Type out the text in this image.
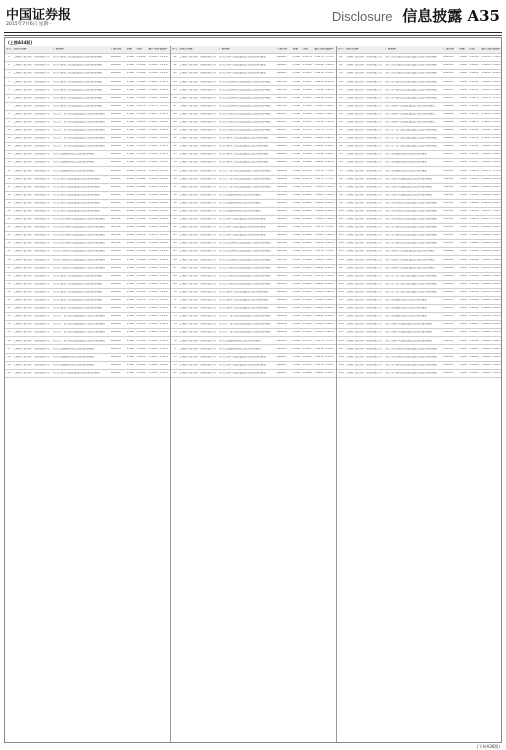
中国证券报
2015年7月6日 星期一
Disclosure 信息披露 A35
(上接A34版)
序号 管理人名称	产品名称	产品代码	份额	净值	累计净值 收益率
1	上海东方证券资产管理有限公司	东方红新动力灵活配置混合型证券投资基金	000480	1.000 1.0210	1.0210 2.10%
2	上海东方证券资产管理有限公司	东方红新动力灵活配置混合型证券投资基金	000480	1.000 1.0520	1.0520 5.20%
3	上海东方证券资产管理有限公司	东方红新动力灵活配置混合型证券投资基金	000480	1.000 1.0310	1.0310 3.10%
4	上海东方证券资产管理有限公司	东方红新动力灵活配置混合型证券投资基金	000480	1.000 1.0080	1.0080 0.80%
5	上海东方证券资产管理有限公司	东方红新动力灵活配置混合型证券投资基金	000480	1.000 1.0460	1.0460 4.60%
6	上海东方证券资产管理有限公司	东方红新动力灵活配置混合型证券投资基金	000480	1.000 1.0190	1.0190 1.90%
7	上海东方证券资产管理有限公司	东方红新动力灵活配置混合型证券投资基金	000480	1.000 1.0370	1.0370 3.70%
8	上海东方证券资产管理有限公司	东方红产业升级灵活配置混合型证券投资基金	000619	1.000 1.0650	1.0650 6.50%
9	上海东方证券资产管理有限公司	东方红产业升级灵活配置混合型证券投资基金	000619	1.000 1.0420	1.0420 4.20%
10	上海东方证券资产管理有限公司	东方红产业升级灵活配置混合型证券投资基金	000619	1.000 1.0280	1.0280 2.80%
11	上海东方证券资产管理有限公司	东方红产业升级灵活配置混合型证券投资基金	000619	1.000 1.0540	1.0540 5.40%
12	上海东方证券资产管理有限公司	东方红产业升级灵活配置混合型证券投资基金	000619	1.000 1.0150	1.0150 1.50%
13	上海东方证券资产管理有限公司	东方红稳健精选混合型证券投资基金	001203	1.000 1.0330	1.0330 3.30%
14	上海东方证券资产管理有限公司	东方红稳健精选混合型证券投资基金	001203	1.000 1.0210	1.0210 2.10%
15	上海东方证券资产管理有限公司	东方红稳健精选混合型证券投资基金	001203	1.000 1.0470	1.0470 4.70%
16	上海东方证券资产管理有限公司	东方红睿丰灵活配置混合型证券投资基金	169101	1.000 1.0090	1.0090 0.90%
17	上海东方证券资产管理有限公司	东方红睿丰灵活配置混合型证券投资基金	169101	1.000 1.0620	1.0620 6.20%
18	上海东方证券资产管理有限公司	东方红睿丰灵活配置混合型证券投资基金	169101	1.000 1.0360	1.0360 3.60%
19	上海东方证券资产管理有限公司	东方红睿丰灵活配置混合型证券投资基金	169101	1.000 1.0240	1.0240 2.40%
20	上海东方证券资产管理有限公司	东方红睿丰灵活配置混合型证券投资基金	169101	1.000 1.0510	1.0510 5.10%
21	上海东方证券资产管理有限公司	东方红领先精选灵活配置混合型证券投资基金	001112	1.000 1.0180	1.0180 1.80%
22	上海东方证券资产管理有限公司	东方红领先精选灵活配置混合型证券投资基金	001112	1.000 1.0440	1.0440 4.40%
23	上海东方证券资产管理有限公司	东方红领先精选灵活配置混合型证券投资基金	001112	1.000 1.0270	1.0270 2.70%
24	上海东方证券资产管理有限公司	东方红领先精选灵活配置混合型证券投资基金	001112	1.000 1.0590	1.0590 5.90%
25	上海东方证券资产管理有限公司	东方红中国优势灵活配置混合型证券投资基金	001405	1.000 1.0120	1.0120 1.20%
26	上海东方证券资产管理有限公司	东方红中国优势灵活配置混合型证券投资基金	001405	1.000 1.0380	1.0380 3.80%
27	上海东方证券资产管理有限公司	东方红中国优势灵活配置混合型证券投资基金	001405	1.000 1.0260	1.0260 2.60%
28	上海东方证券资产管理有限公司	东方红新动力灵活配置混合型证券投资基金	000480	1.000 1.0490	1.0490 4.90%
29	上海东方证券资产管理有限公司	东方红新动力灵活配置混合型证券投资基金	000480	1.000 1.0160	1.0160 1.60%
30	上海东方证券资产管理有限公司	东方红新动力灵活配置混合型证券投资基金	000480	1.000 1.0320	1.0320 3.20%
31	上海东方证券资产管理有限公司	东方红新动力灵活配置混合型证券投资基金	000480	1.000 1.0570	1.0570 5.70%
32	上海东方证券资产管理有限公司	东方红新动力灵活配置混合型证券投资基金	000480	1.000 1.0230	1.0230 2.30%
33	上海东方证券资产管理有限公司	东方红产业升级灵活配置混合型证券投资基金	000619	1.000 1.0410	1.0410 4.10%
34	上海东方证券资产管理有限公司	东方红产业升级灵活配置混合型证券投资基金	000619	1.000 1.0130	1.0130 1.30%
35	上海东方证券资产管理有限公司	东方红产业升级灵活配置混合型证券投资基金	000619	1.000 1.0680	1.0680 6.80%
36	上海东方证券资产管理有限公司	东方红产业升级灵活配置混合型证券投资基金	000619	1.000 1.0350	1.0350 3.50%
37	上海东方证券资产管理有限公司	东方红稳健精选混合型证券投资基金	001203	1.000 1.0200	1.0200 2.00%
38	上海东方证券资产管理有限公司	东方红稳健精选混合型证券投资基金	001203	1.000 1.0450	1.0450 4.50%
39	上海东方证券资产管理有限公司	东方红稳健精选混合型证券投资基金	001203	1.000 1.0290	1.0290 2.90%
40	上海东方证券资产管理有限公司	东方红睿丰灵活配置混合型证券投资基金	169101	1.000 1.0550	1.0550 5.50%
序号 管理人名称	产品名称	产品代码	份额	净值	累计净值 收益率
41	上海东方证券资产管理有限公司	东方红睿丰灵活配置混合型证券投资基金	169101	1.000 1.0170	1.0170 1.70%
42	上海东方证券资产管理有限公司	东方红睿丰灵活配置混合型证券投资基金	169101	1.000 1.0390	1.0390 3.90%
43	上海东方证券资产管理有限公司	东方红睿丰灵活配置混合型证券投资基金	169101	1.000 1.0250	1.0250 2.50%
44	上海东方证券资产管理有限公司	东方红领先精选灵活配置混合型证券投资基金	001112	1.000 1.0610	1.0610 6.10%
45	上海东方证券资产管理有限公司	东方红领先精选灵活配置混合型证券投资基金	001112	1.000 1.0140	1.0140 1.40%
46	上海东方证券资产管理有限公司	东方红领先精选灵活配置混合型证券投资基金	001112	1.000 1.0430	1.0430 4.30%
47	上海东方证券资产管理有限公司	东方红领先精选灵活配置混合型证券投资基金	001112	1.000 1.0300	1.0300 3.00%
48	上海东方证券资产管理有限公司	东方红中国优势灵活配置混合型证券投资基金	001405	1.000 1.0560	1.0560 5.60%
49	上海东方证券资产管理有限公司	东方红中国优势灵活配置混合型证券投资基金	001405	1.000 1.0110	1.0110 1.10%
50	上海东方证券资产管理有限公司	东方红中国优势灵活配置混合型证券投资基金	001405	1.000 1.0370	1.0370 3.70%
51	上海东方证券资产管理有限公司	东方红新动力灵活配置混合型证券投资基金	000480	1.000 1.0220	1.0220 2.20%
52	上海东方证券资产管理有限公司	东方红新动力灵活配置混合型证券投资基金	000480	1.000 1.0480	1.0480 4.80%
53	上海东方证券资产管理有限公司	东方红新动力灵活配置混合型证券投资基金	000480	1.000 1.0190	1.0190 1.90%
54	上海东方证券资产管理有限公司	东方红新动力灵活配置混合型证券投资基金	000480	1.000 1.0640	1.0640 6.40%
55	上海东方证券资产管理有限公司	东方红产业升级灵活配置混合型证券投资基金	000619	1.000 1.0330	1.0330 3.30%
56	上海东方证券资产管理有限公司	东方红产业升级灵活配置混合型证券投资基金	000619	1.000 1.0270	1.0270 2.70%
57	上海东方证券资产管理有限公司	东方红产业升级灵活配置混合型证券投资基金	000619	1.000 1.0500	1.0500 5.00%
58	上海东方证券资产管理有限公司	东方红稳健精选混合型证券投资基金	001203	1.000 1.0100	1.0100 1.00%
59	上海东方证券资产管理有限公司	东方红稳健精选混合型证券投资基金	001203	1.000 1.0400	1.0400 4.00%
60	上海东方证券资产管理有限公司	东方红稳健精选混合型证券投资基金	001203	1.000 1.0280	1.0280 2.80%
61	上海东方证券资产管理有限公司	东方红睿丰灵活配置混合型证券投资基金	169101	1.000 1.0580	1.0580 5.80%
62	上海东方证券资产管理有限公司	东方红睿丰灵活配置混合型证券投资基金	169101	1.000 1.0150	1.0150 1.50%
63	上海东方证券资产管理有限公司	东方红睿丰灵活配置混合型证券投资基金	169101	1.000 1.0360	1.0360 3.60%
64	上海东方证券资产管理有限公司	东方红领先精选灵活配置混合型证券投资基金	001112	1.000 1.0240	1.0240 2.40%
65	上海东方证券资产管理有限公司	东方红领先精选灵活配置混合型证券投资基金	001112	1.000 1.0530	1.0530 5.30%
66	上海东方证券资产管理有限公司	东方红领先精选灵活配置混合型证券投资基金	001112	1.000 1.0180	1.0180 1.80%
67	上海东方证券资产管理有限公司	东方红中国优势灵活配置混合型证券投资基金	001405	1.000 1.0440	1.0440 4.40%
68	上海东方证券资产管理有限公司	东方红中国优势灵活配置混合型证券投资基金	001405	1.000 1.0310	1.0310 3.10%
69	上海东方证券资产管理有限公司	东方红中国优势灵活配置混合型证券投资基金	001405	1.000 1.0600	1.0600 6.00%
70	上海东方证券资产管理有限公司	东方红新动力灵活配置混合型证券投资基金	000480	1.000 1.0120	1.0120 1.20%
71	上海东方证券资产管理有限公司	东方红新动力灵活配置混合型证券投资基金	000480	1.000 1.0380	1.0380 3.80%
72	上海东方证券资产管理有限公司	东方红新动力灵活配置混合型证券投资基金	000480	1.000 1.0260	1.0260 2.60%
73	上海东方证券资产管理有限公司	东方红产业升级灵活配置混合型证券投资基金	000619	1.000 1.0490	1.0490 4.90%
74	上海东方证券资产管理有限公司	东方红产业升级灵活配置混合型证券投资基金	000619	1.000 1.0160	1.0160 1.60%
75	上海东方证券资产管理有限公司	东方红产业升级灵活配置混合型证券投资基金	000619	1.000 1.0320	1.0320 3.20%
76	上海东方证券资产管理有限公司	东方红稳健精选混合型证券投资基金	001203	1.000 1.0570	1.0570 5.70%
77	上海东方证券资产管理有限公司	东方红稳健精选混合型证券投资基金	001203	1.000 1.0230	1.0230 2.30%
78	上海东方证券资产管理有限公司	东方红睿丰灵活配置混合型证券投资基金	169101	1.000 1.0410	1.0410 4.10%
79	上海东方证券资产管理有限公司	东方红睿丰灵活配置混合型证券投资基金	169101	1.000 1.0130	1.0130 1.30%
80	上海东方证券资产管理有限公司	东方红睿丰灵活配置混合型证券投资基金	169101	1.000 1.0680	1.0680 6.80%
序号 管理人名称	产品名称	产品代码	份额	净值	累计净值 收益率
81	上海东方证券资产管理有限公司	东方红领先精选灵活配置混合型证券投资基金	001112	1.000 1.0350	1.0350 3.50%
82	上海东方证券资产管理有限公司	东方红领先精选灵活配置混合型证券投资基金	001112	1.000 1.0200	1.0200 2.00%
83	上海东方证券资产管理有限公司	东方红领先精选灵活配置混合型证券投资基金	001112	1.000 1.0450	1.0450 4.50%
84	上海东方证券资产管理有限公司	东方红中国优势灵活配置混合型证券投资基金	001405	1.000 1.0290	1.0290 2.90%
85	上海东方证券资产管理有限公司	东方红中国优势灵活配置混合型证券投资基金	001405	1.000 1.0550	1.0550 5.50%
86	上海东方证券资产管理有限公司	东方红中国优势灵活配置混合型证券投资基金	001405	1.000 1.0170	1.0170 1.70%
87	上海东方证券资产管理有限公司	东方红新动力灵活配置混合型证券投资基金	000480	1.000 1.0390	1.0390 3.90%
88	上海东方证券资产管理有限公司	东方红新动力灵活配置混合型证券投资基金	000480	1.000 1.0250	1.0250 2.50%
89	上海东方证券资产管理有限公司	东方红新动力灵活配置混合型证券投资基金	000480	1.000 1.0610	1.0610 6.10%
90	上海东方证券资产管理有限公司	东方红产业升级灵活配置混合型证券投资基金	000619	1.000 1.0140	1.0140 1.40%
91	上海东方证券资产管理有限公司	东方红产业升级灵活配置混合型证券投资基金	000619	1.000 1.0430	1.0430 4.30%
92	上海东方证券资产管理有限公司	东方红产业升级灵活配置混合型证券投资基金	000619	1.000 1.0300	1.0300 3.00%
93	上海东方证券资产管理有限公司	东方红稳健精选混合型证券投资基金	001203	1.000 1.0560	1.0560 5.60%
94	上海东方证券资产管理有限公司	东方红稳健精选混合型证券投资基金	001203	1.000 1.0110	1.0110 1.10%
95	上海东方证券资产管理有限公司	东方红稳健精选混合型证券投资基金	001203	1.000 1.0370	1.0370 3.70%
96	上海东方证券资产管理有限公司	东方红睿丰灵活配置混合型证券投资基金	169101	1.000 1.0220	1.0220 2.20%
97	上海东方证券资产管理有限公司	东方红睿丰灵活配置混合型证券投资基金	169101	1.000 1.0480	1.0480 4.80%
98	上海东方证券资产管理有限公司	东方红睿丰灵活配置混合型证券投资基金	169101	1.000 1.0190	1.0190 1.90%
99	上海东方证券资产管理有限公司	东方红领先精选灵活配置混合型证券投资基金	001112	1.000 1.0640	1.0640 6.40%
100 上海东方证券资产管理有限公司	东方红领先精选灵活配置混合型证券投资基金	001112	1.000 1.0330	1.0330 3.30%
101 上海东方证券资产管理有限公司	东方红领先精选灵活配置混合型证券投资基金	001112	1.000 1.0270	1.0270 2.70%
102 上海东方证券资产管理有限公司	东方红中国优势灵活配置混合型证券投资基金	001405	1.000 1.0500	1.0500 5.00%
103 上海东方证券资产管理有限公司	东方红中国优势灵活配置混合型证券投资基金	001405	1.000 1.0100	1.0100 1.00%
104 上海东方证券资产管理有限公司	东方红中国优势灵活配置混合型证券投资基金	001405	1.000 1.0400	1.0400 4.00%
105 上海东方证券资产管理有限公司	东方红新动力灵活配置混合型证券投资基金	000480	1.000 1.0280	1.0280 2.80%
106 上海东方证券资产管理有限公司	东方红新动力灵活配置混合型证券投资基金	000480	1.000 1.0580	1.0580 5.80%
107 上海东方证券资产管理有限公司	东方红新动力灵活配置混合型证券投资基金	000480	1.000 1.0150	1.0150 1.50%
108 上海东方证券资产管理有限公司	东方红产业升级灵活配置混合型证券投资基金	000619	1.000 1.0360	1.0360 3.60%
109 上海东方证券资产管理有限公司	东方红产业升级灵活配置混合型证券投资基金	000619	1.000 1.0240	1.0240 2.40%
110 上海东方证券资产管理有限公司	东方红产业升级灵活配置混合型证券投资基金	000619	1.000 1.0530	1.0530 5.30%
111 上海东方证券资产管理有限公司	东方红稳健精选混合型证券投资基金	001203	1.000 1.0180	1.0180 1.80%
112 上海东方证券资产管理有限公司	东方红稳健精选混合型证券投资基金	001203	1.000 1.0440	1.0440 4.40%
113 上海东方证券资产管理有限公司	东方红稳健精选混合型证券投资基金	001203	1.000 1.0310	1.0310 3.10%
114 上海东方证券资产管理有限公司	东方红睿丰灵活配置混合型证券投资基金	169101	1.000 1.0600	1.0600 6.00%
115 上海东方证券资产管理有限公司	东方红睿丰灵活配置混合型证券投资基金	169101	1.000 1.0120	1.0120 1.20%
116 上海东方证券资产管理有限公司	东方红睿丰灵活配置混合型证券投资基金	169101	1.000 1.0380	1.0380 3.80%
117 上海东方证券资产管理有限公司	东方红领先精选灵活配置混合型证券投资基金	001112	1.000 1.0260	1.0260 2.60%
118 上海东方证券资产管理有限公司	东方红领先精选灵活配置混合型证券投资基金	001112	1.000 1.0490	1.0490 4.90%
119 上海东方证券资产管理有限公司	东方红中国优势灵活配置混合型证券投资基金	001405	1.000 1.0160	1.0160 1.60%
120 上海东方证券资产管理有限公司	东方红中国优势灵活配置混合型证券投资基金	001405	1.000 1.0320	1.0320 3.20%
(下转A36版)
